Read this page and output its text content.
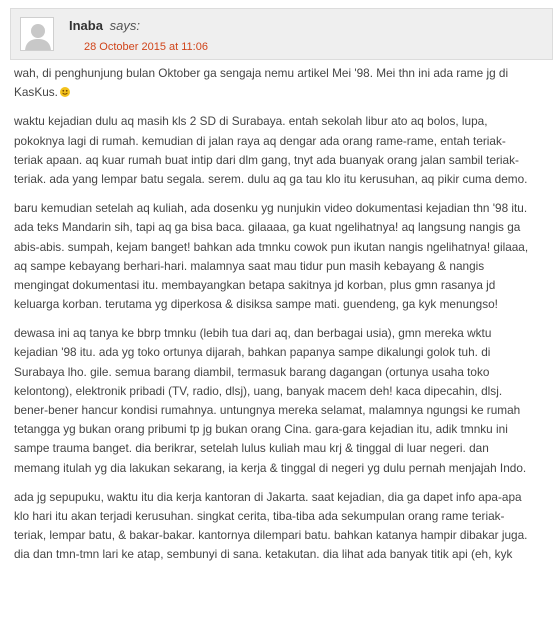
Inaba says:
28 October 2015 at 11:06

wah, di penghunjung bulan Oktober ga sengaja nemu artikel Mei '98. Mei thn ini ada rame jg di
KasKus.

waktu kejadian dulu aq masih kls 2 SD di Surabaya. entah sekolah libur ato aq bolos, lupa,
pokoknya lagi di rumah. kemudian di jalan raya aq dengar ada orang rame-rame, entah teriak-
teriak apaan. aq kuar rumah buat intip dari dlm gang, tnyt ada buanyak orang jalan sambil teriak-
teriak. ada yang lempar batu segala. serem. dulu aq ga tau klo itu kerusuhan, aq pikir cuma demo.

baru kemudian setelah aq kuliah, ada dosenku yg nunjukin video dokumentasi kejadian thn '98 itu.
ada teks Mandarin sih, tapi aq ga bisa baca. gilaaaa, ga kuat ngelihatnya! aq langsung nangis ga
abis-abis. sumpah, kejam banget! bahkan ada tmnku cowok pun ikutan nangis ngelihatnya! gilaaa,
aq sampe kebayang berhari-hari. malamnya saat mau tidur pun masih kebayang & nangis
mengingat dokumentasi itu. membayangkan betapa sakitnya jd korban, plus gmn rasanya jd
keluarga korban. terutama yg diperkosa & disiksa sampe mati. guendeng, ga kyk menungso!

dewasa ini aq tanya ke bbrp tmnku (lebih tua dari aq, dan berbagai usia), gmn mereka wktu
kejadian '98 itu. ada yg toko ortunya dijarah, bahkan papanya sampe dikalungi golok tuh. di
Surabaya lho. gile. semua barang diambil, termasuk barang dagangan (ortunya usaha toko
kelontong), elektronik pribadi (TV, radio, dlsj), uang, banyak macem deh! kaca dipecahin, dlsj.
bener-bener hancur kondisi rumahnya. untungnya mereka selamat, malamnya ngungsi ke rumah
tetangga yg bukan orang pribumi tp jg bukan orang Cina. gara-gara kejadian itu, adik tmnku ini
sampe trauma banget. dia berikrar, setelah lulus kuliah mau krj & tinggal di luar negeri. dan
memang itulah yg dia lakukan sekarang, ia kerja & tinggal di negeri yg dulu pernah menjajah Indo.

ada jg sepupuku, waktu itu dia kerja kantoran di Jakarta. saat kejadian, dia ga dapet info apa-apa
klo hari itu akan terjadi kerusuhan. singkat cerita, tiba-tiba ada sekumpulan orang rame teriak-
teriak, lempar batu, & bakar-bakar. kantornya dilempari batu. bahkan katanya hampir dibakar juga.
dia dan tmn-tmn lari ke atap, sembunyi di sana. ketakutan. dia lihat ada banyak titik api (eh, kyk
